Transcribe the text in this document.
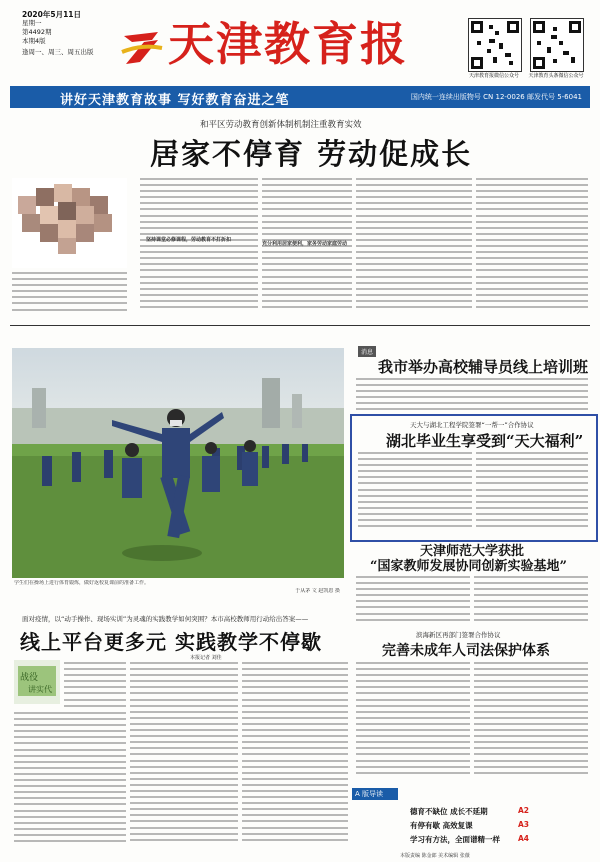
2020年5月11日
星期一
第4492期
本期4版
逢周一、周三、周五出版 天津教育报
天津教育报微信公众号	天津教育头条微信公众号
讲好天津教育故事 写好教育奋进之笔	国内统一连续出版物号 CN 12-0026 邮发代号 5-6041
和平区劳动教育创新体制机制注重教育实效
居家不停育 劳动促成长
坚持课堂必修课程，劳动教育不打折扣
充分利用居家便利，家务劳动家庭劳动
学生们在操场上进行体育锻炼，做好返校复课前的准备工作。
于从茅 文 赵凯恩 摄
消息
我市举办高校辅导员线上培训班
天大与湖北工程学院签署“一帮一”合作协议
湖北毕业生享受到“天大福利”
天津师范大学获批
“国家教师发展协同创新实验基地”
面对疫情，以“动手操作、现场实训”为灵魂的实践教学如何突围？本市高校教师用行动给出答案——
线上平台更多元 实践教学不停歇
本报记者 刘佳
战役
讲实代
滨海新区再部门签署合作协议
完善未成年人司法保护体系
A 版导读
德育不缺位 成长不延期	A2
有停有歇 高效复课	A3
学习有方法，全面谱精一样 A4
本版责编 陈金郎 美术编辑 张薇
